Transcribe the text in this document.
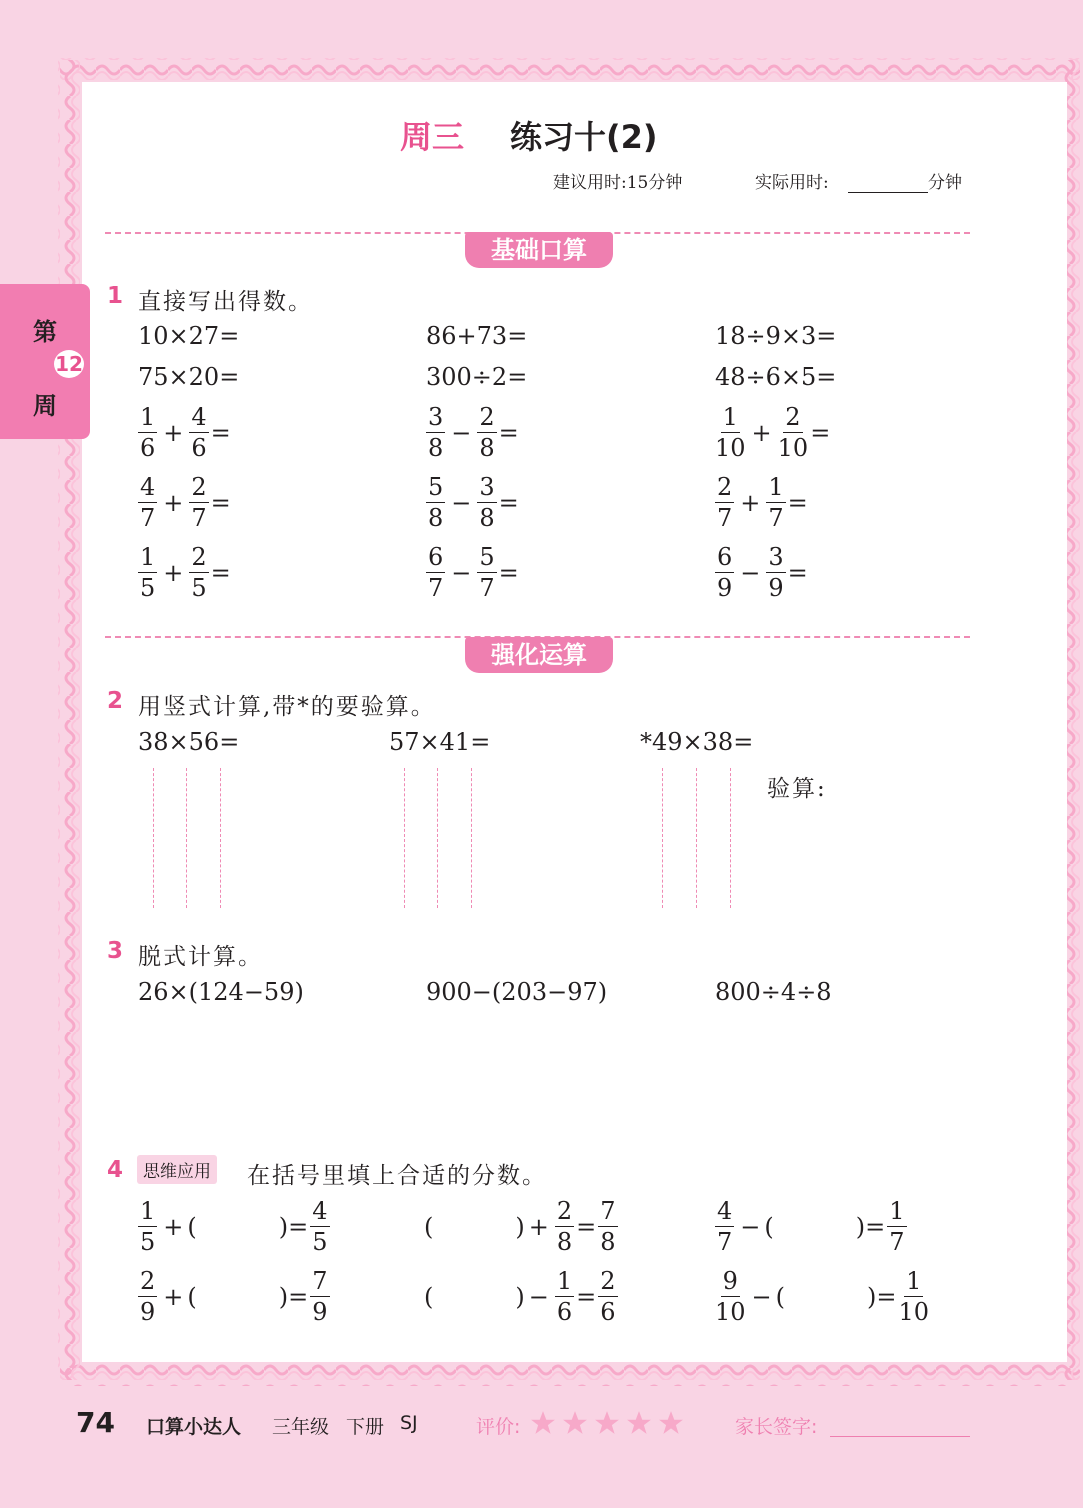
第
12
周
周三 练习十(2)
建议用时:15分钟	实际用时:	分钟
基础口算
1 直接写出得数。
10×27=	86+73=	18÷9×3=
75×20=	300÷2=	48÷6×5=
$\frac{1}{6} + \frac{4}{6}$ =	$\frac{3}{8} - \frac{2}{8}$ =	$\frac{1}{10} + \frac{2}{10}$ =
$\frac{4}{7} + \frac{2}{7}$ =	$\frac{5}{8} - \frac{3}{8}$ =	$\frac{2}{7} + \frac{1}{7}$ =
$\frac{1}{5} + \frac{2}{5}$ =	$\frac{6}{7} - \frac{5}{7}$ =	$\frac{6}{9} - \frac{3}{9}$ =
强化运算
2 用竖式计算,带*的要验算。
38×56=	57×41=	*49×38=
验算:
3 脱式计算。
26×(124−59)	900−(203−97)	800÷4÷8
4	思维应用 在括号里填上合适的分数。
$\frac{1}{5}$ + (	) = $\frac{4}{5}$	(	) + $\frac{2}{8} = \frac{7}{8}$	$\frac{4}{7}$ − (	) = $\frac{1}{7}$
$\frac{2}{9}$ + (	) = $\frac{7}{9}$	(	) − $\frac{1}{6} = \frac{2}{6}$	$\frac{9}{10}$ − (	) = $\frac{1}{10}$
74 口算小达人 三年级 下册 SJ	评价:	家长签字:
